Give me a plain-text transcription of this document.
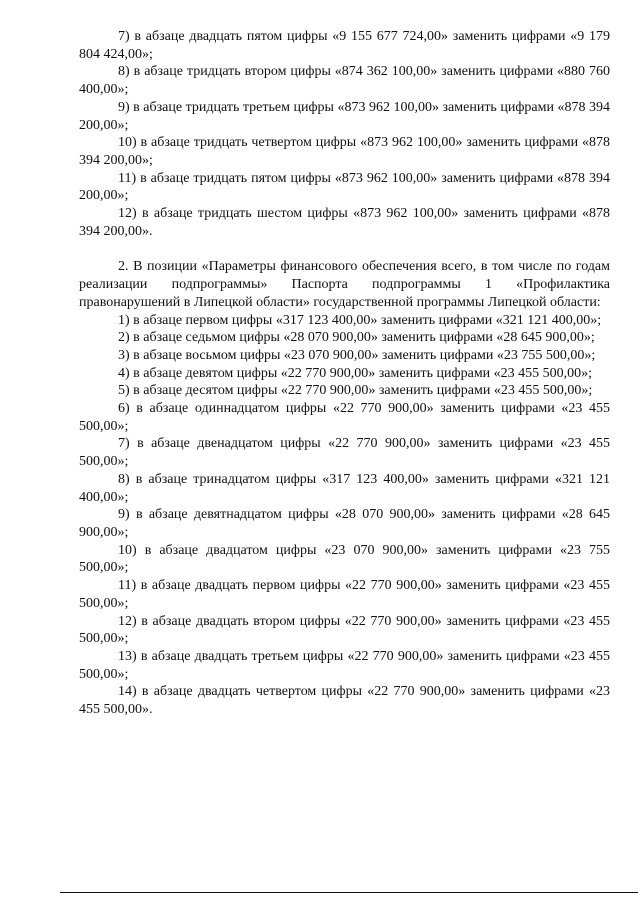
7) в абзаце двадцать пятом цифры «9 155 677 724,00» заменить цифрами «9 179 804 424,00»;

8) в абзаце тридцать втором цифры «874 362 100,00» заменить цифрами «880 760 400,00»;

9) в абзаце тридцать третьем цифры «873 962 100,00» заменить цифрами «878 394 200,00»;

10) в абзаце тридцать четвертом цифры «873 962 100,00» заменить цифрами «878 394 200,00»;

11) в абзаце тридцать пятом цифры «873 962 100,00» заменить цифрами «878 394 200,00»;

12) в абзаце тридцать шестом цифры «873 962 100,00» заменить цифрами «878 394 200,00».

2. В позиции «Параметры финансового обеспечения всего, в том числе по годам реализации подпрограммы» Паспорта подпрограммы 1 «Профилактика правонарушений в Липецкой области» государственной программы Липецкой области:

1) в абзаце первом цифры «317 123 400,00» заменить цифрами «321 121 400,00»;

2) в абзаце седьмом цифры «28 070 900,00» заменить цифрами «28 645 900,00»;

3) в абзаце восьмом цифры «23 070 900,00» заменить цифрами «23 755 500,00»;

4) в абзаце девятом цифры «22 770 900,00» заменить цифрами «23 455 500,00»;

5) в абзаце десятом цифры «22 770 900,00» заменить цифрами «23 455 500,00»;

6) в абзаце одиннадцатом цифры «22 770 900,00» заменить цифрами «23 455 500,00»;

7) в абзаце двенадцатом цифры «22 770 900,00» заменить цифрами «23 455 500,00»;

8) в абзаце тринадцатом цифры «317 123 400,00» заменить цифрами «321 121 400,00»;

9) в абзаце девятнадцатом цифры «28 070 900,00» заменить цифрами «28 645 900,00»;

10) в абзаце двадцатом цифры «23 070 900,00» заменить цифрами «23 755 500,00»;

11) в абзаце двадцать первом цифры «22 770 900,00» заменить цифрами «23 455 500,00»;

12) в абзаце двадцать втором цифры «22 770 900,00» заменить цифрами «23 455 500,00»;

13) в абзаце двадцать третьем цифры «22 770 900,00» заменить цифрами «23 455 500,00»;

14) в абзаце двадцать четвертом цифры «22 770 900,00» заменить цифрами «23 455 500,00».
